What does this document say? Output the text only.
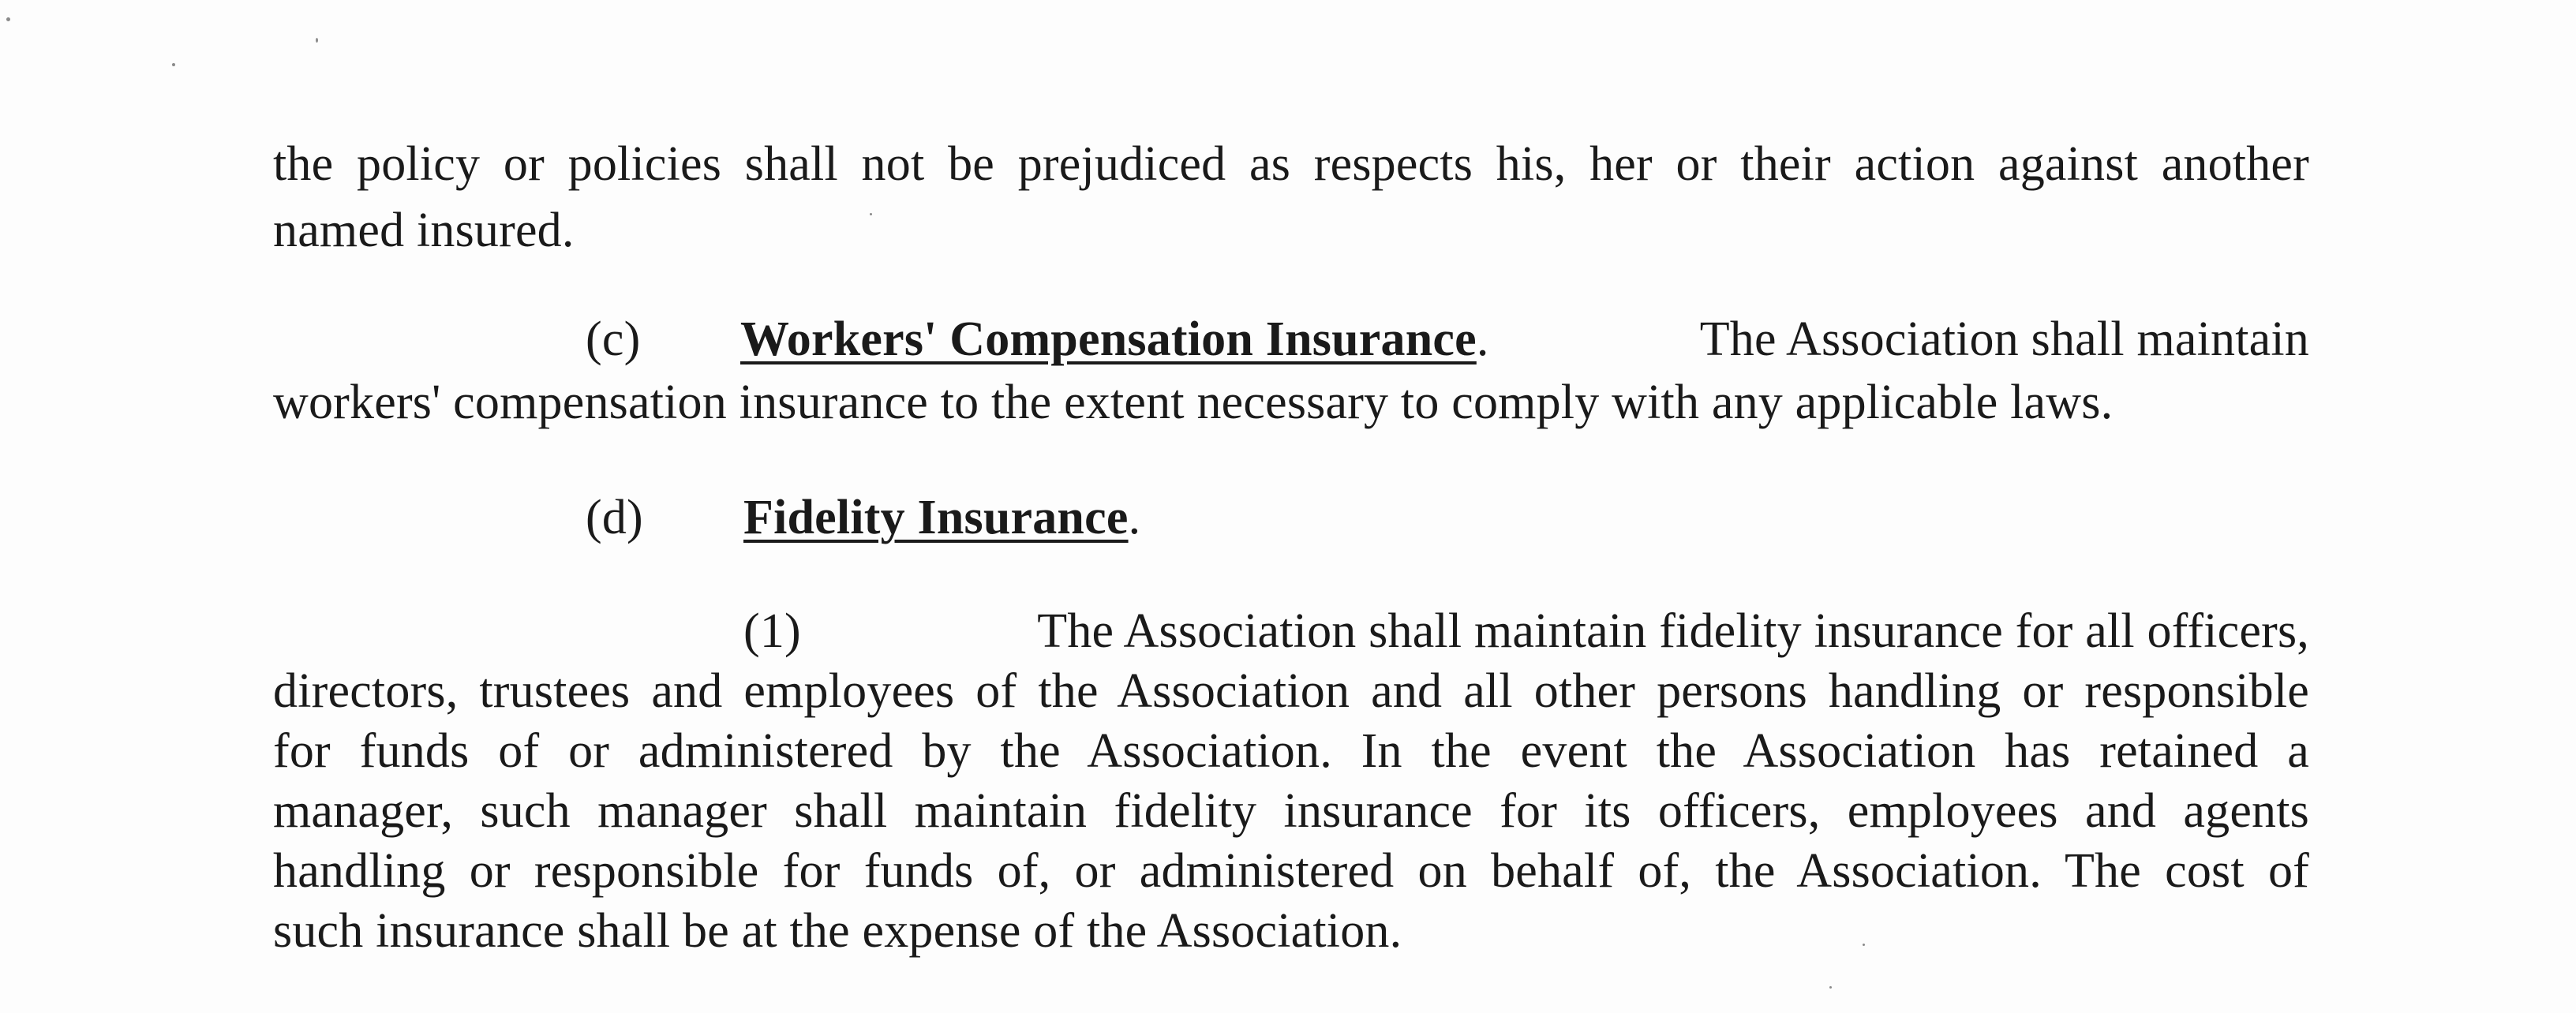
the policy or policies shall not be prejudiced as respects his, her or their action against another
named insured.
(c) Workers' Compensation Insurance.	The Association shall maintain
workers' compensation insurance to the extent necessary to comply with any applicable laws.
(d) Fidelity Insurance.
(1)	The Association shall maintain fidelity insurance for all officers,
directors, trustees and employees of the Association and all other persons handling or responsible
for funds of or administered by the Association. In the event the Association has retained a
manager, such manager shall maintain fidelity insurance for its officers, employees and agents
handling or responsible for funds of, or administered on behalf of, the Association. The cost of
such insurance shall be at the expense of the Association.
